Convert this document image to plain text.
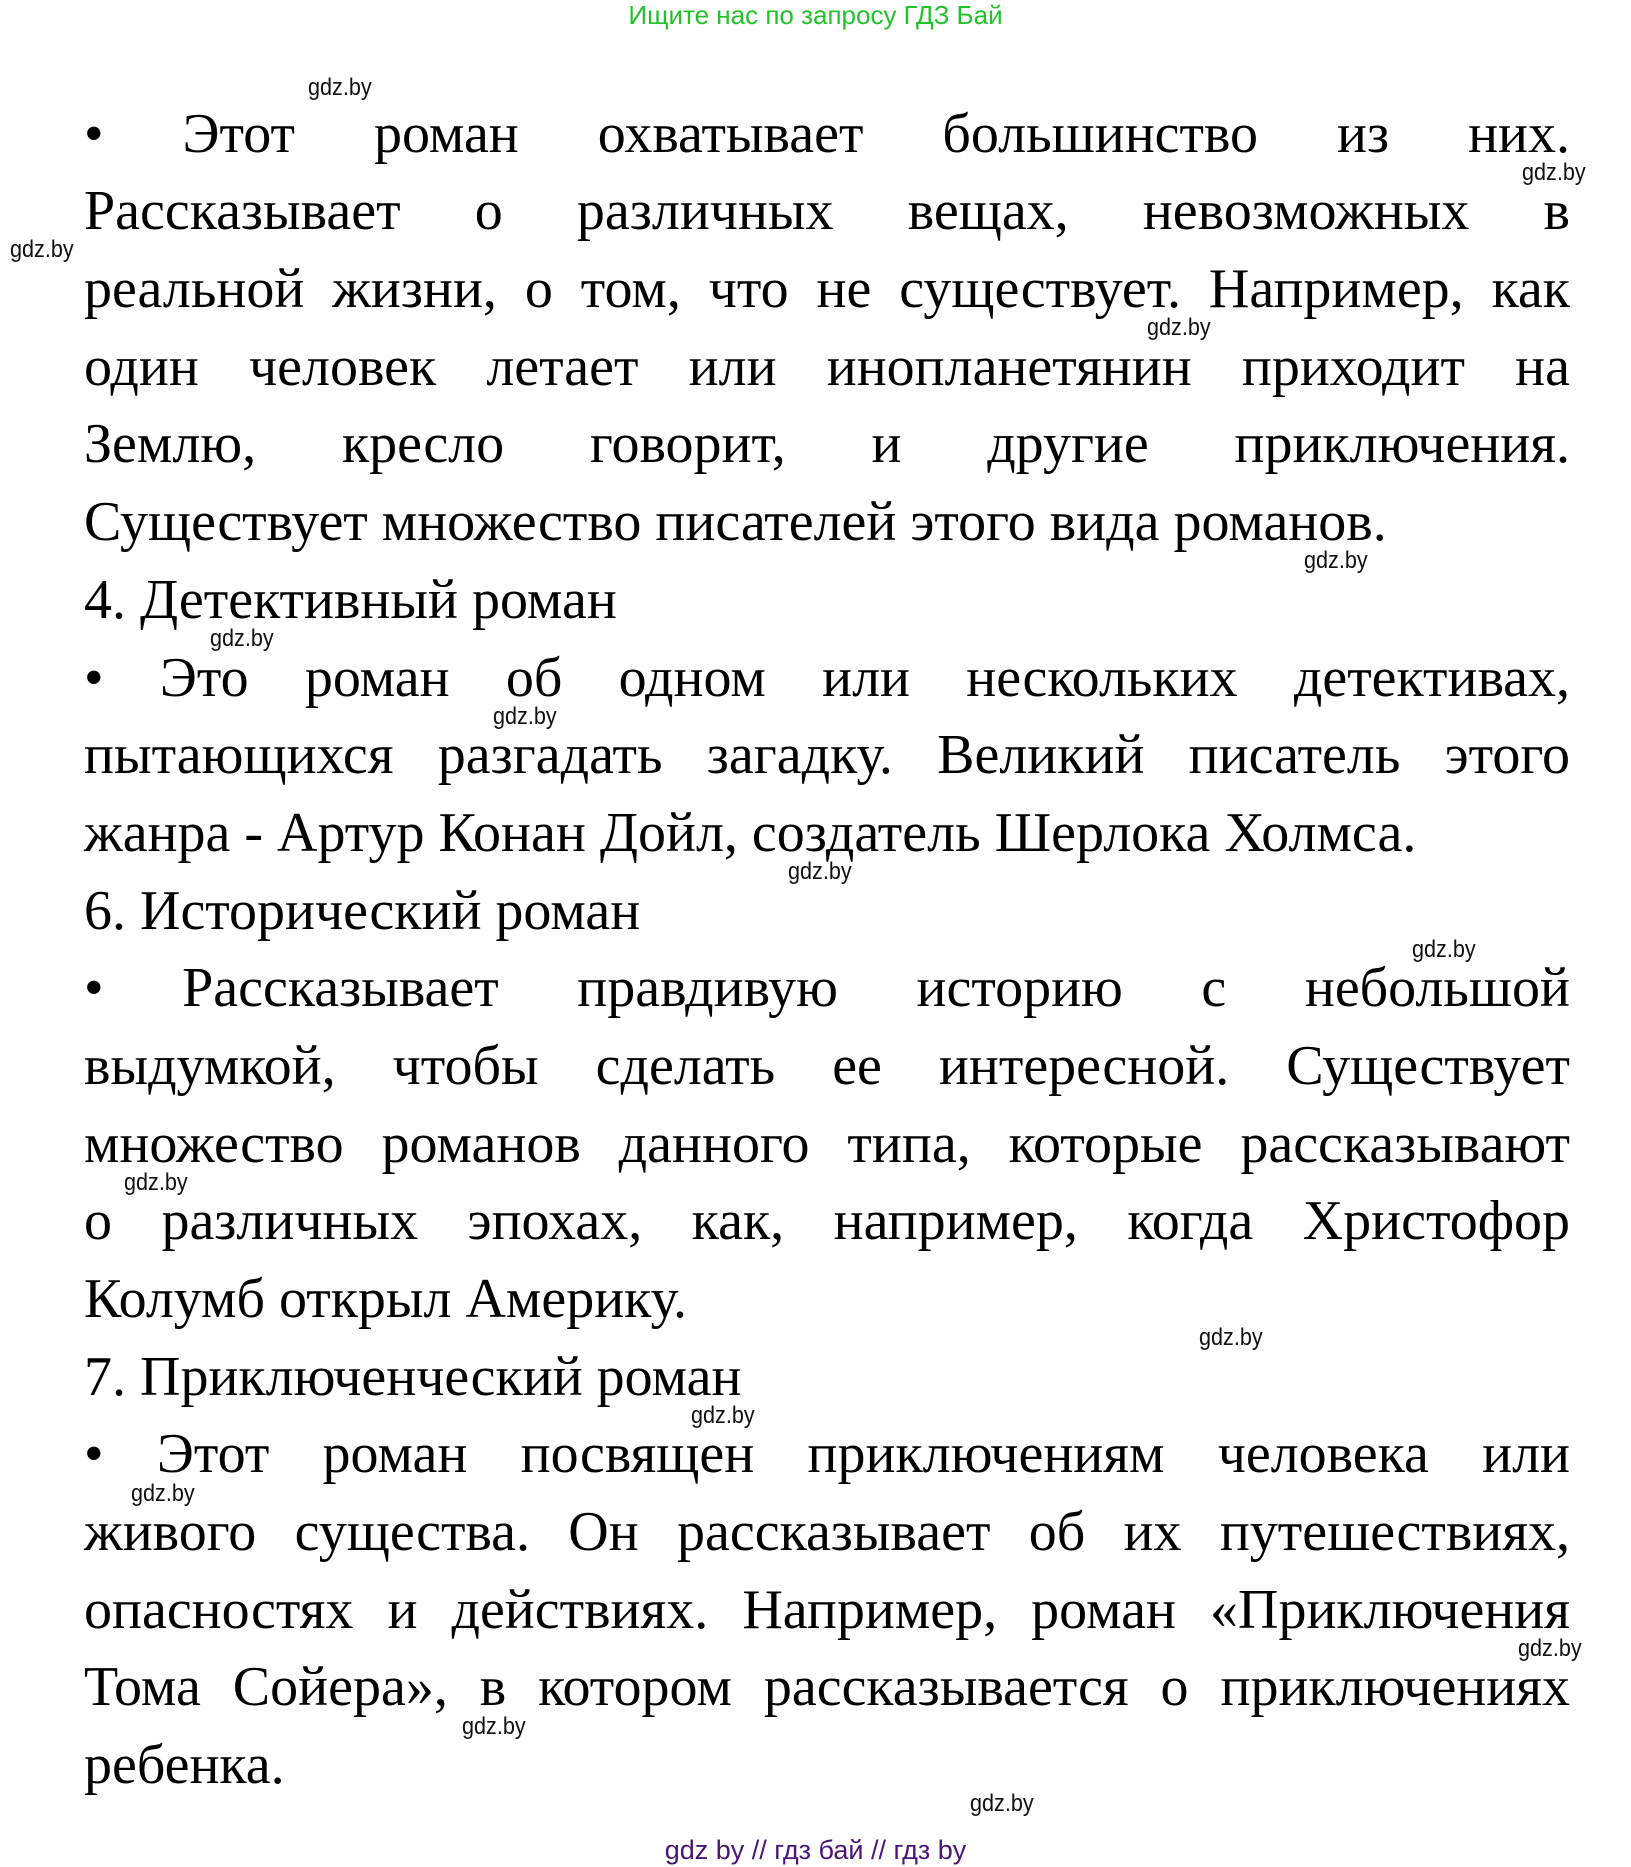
Ищите нас по запросу ГДЗ Бай
• Этот роман охватывает большинство из них.
Рассказывает о различных вещах, невозможных в
реальной жизни, о том, что не существует. Например, как
один человек летает или инопланетянин приходит на
Землю, кресло говорит, и другие приключения.
Существует множество писателей этого вида романов.
4. Детективный роман
• Это роман об одном или нескольких детективах,
пытающихся разгадать загадку. Великий писатель этого
жанра - Артур Конан Дойл, создатель Шерлока Холмса.
6. Исторический роман
• Рассказывает правдивую историю с небольшой
выдумкой, чтобы сделать ее интересной. Существует
множество романов данного типа, которые рассказывают
о различных эпохах, как, например, когда Христофор
Колумб открыл Америку.
7. Приключенческий роман
• Этот роман посвящен приключениям человека или
живого существа. Он рассказывает об их путешествиях,
опасностях и действиях. Например, роман «Приключения
Тома Сойера», в котором рассказывается о приключениях
ребенка.
gdz.by
gdz.by
gdz.by
gdz.by
gdz.by
gdz.by
gdz.by
gdz.by
gdz.by
gdz.by
gdz.by
gdz.by
gdz.by
gdz.by
gdz.by
gdz.by
gdz by // гдз бай // гдз by
